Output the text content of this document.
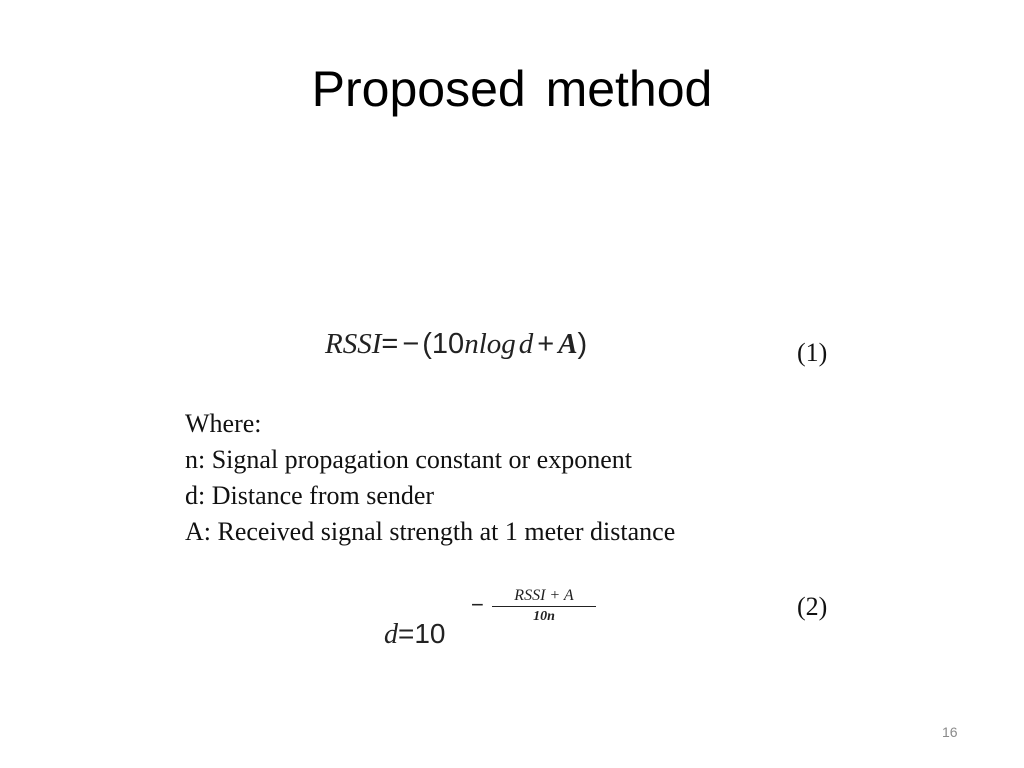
Proposed method
RSSI = − ( 10 n log d + A )	(1)
Where:
n: Signal propagation constant or exponent
d: Distance from sender
A: Received signal strength at 1 meter distance
d=10
−	RSSI + A
10n	(2)
16
